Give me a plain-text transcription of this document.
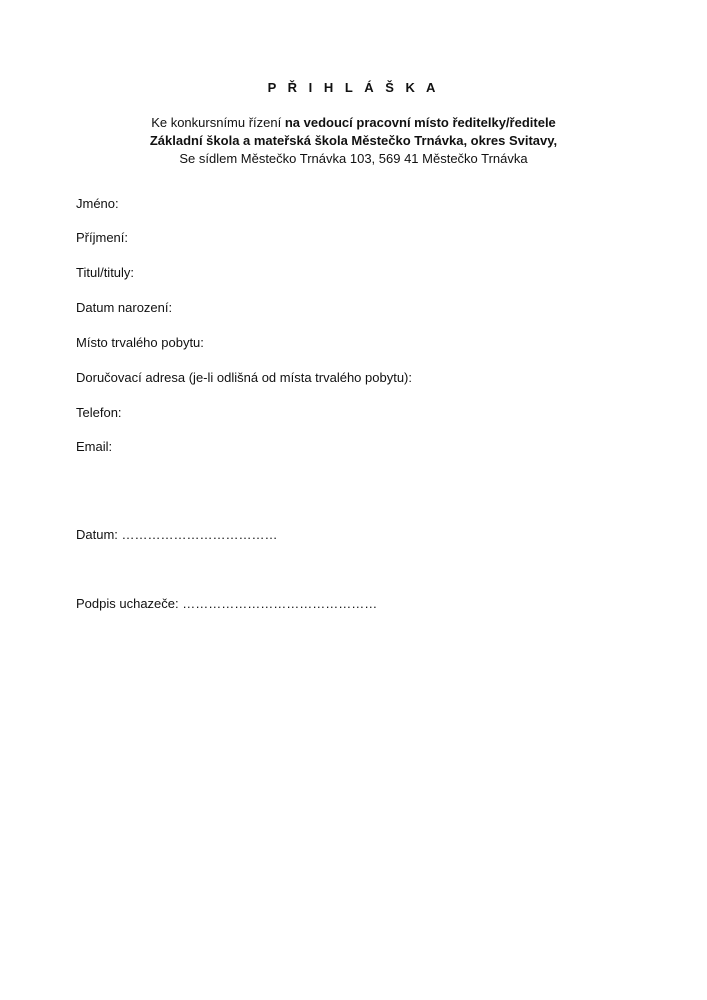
P Ř I H L Á Š K A
Ke konkursnímu řízení na vedoucí pracovní místo ředitelky/ředitele
Základní škola a mateřská škola Městečko Trnávka, okres Svitavy,
Se sídlem Městečko Trnávka 103, 569 41 Městečko Trnávka
Jméno:
Příjmení:
Titul/tituly:
Datum narození:
Místo trvalého pobytu:
Doručovací adresa (je-li odlišná od místa trvalého pobytu):
Telefon:
Email:
Datum: ………………………………
Podpis uchazeče: ………………………………………
